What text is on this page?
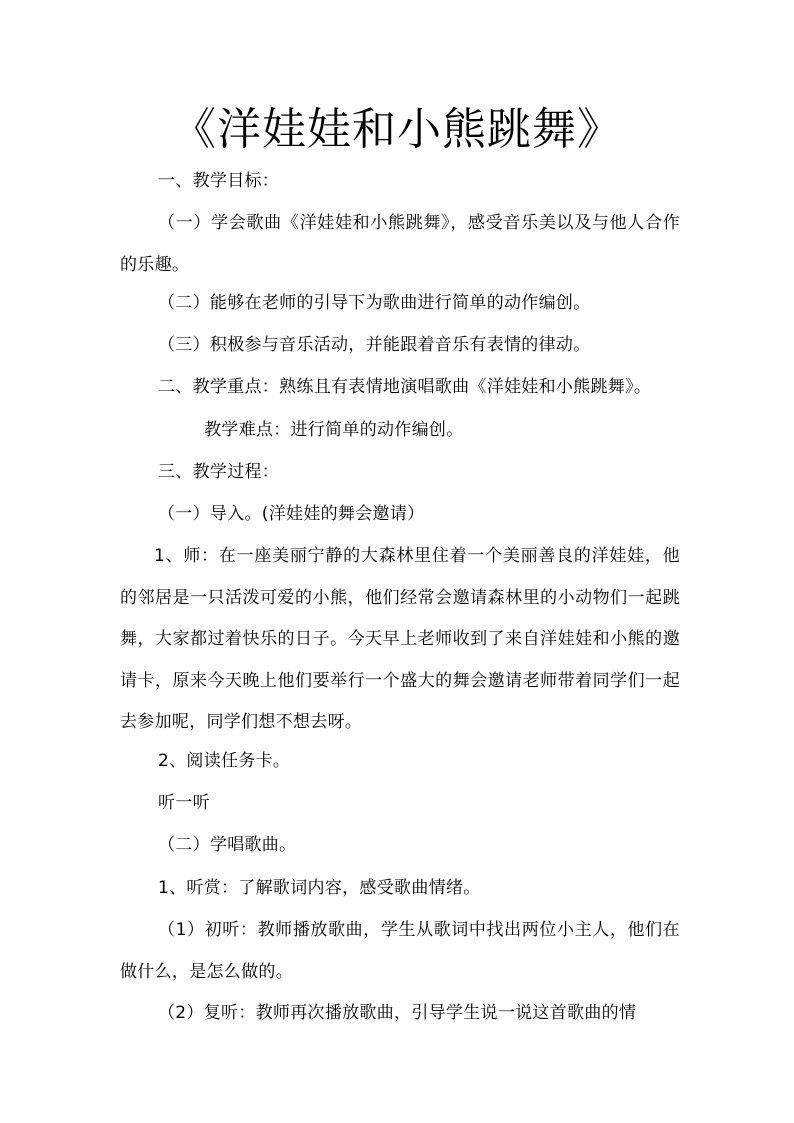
《洋娃娃和小熊跳舞》
一、教学目标：
（一）学会歌曲《洋娃娃和小熊跳舞》，感受音乐美以及与他人合作的乐趣。
（二）能够在老师的引导下为歌曲进行简单的动作编创。
（三）积极参与音乐活动，并能跟着音乐有表情的律动。
二、教学重点：熟练且有表情地演唱歌曲《洋娃娃和小熊跳舞》。
教学难点：进行简单的动作编创。
三、教学过程：
（一）导入。(洋娃娃的舞会邀请）
1、师：在一座美丽宁静的大森林里住着一个美丽善良的洋娃娃，他的邻居是一只活泼可爱的小熊，他们经常会邀请森林里的小动物们一起跳舞，大家都过着快乐的日子。今天早上老师收到了来自洋娃娃和小熊的邀请卡，原来今天晚上他们要举行一个盛大的舞会邀请老师带着同学们一起去参加呢，同学们想不想去呀。
2、阅读任务卡。
听一听
（二）学唱歌曲。
1、听赏：了解歌词内容，感受歌曲情绪。
（1）初听：教师播放歌曲，学生从歌词中找出两位小主人，他们在做什么，是怎么做的。
（2）复听：教师再次播放歌曲，引导学生说一说这首歌曲的情
